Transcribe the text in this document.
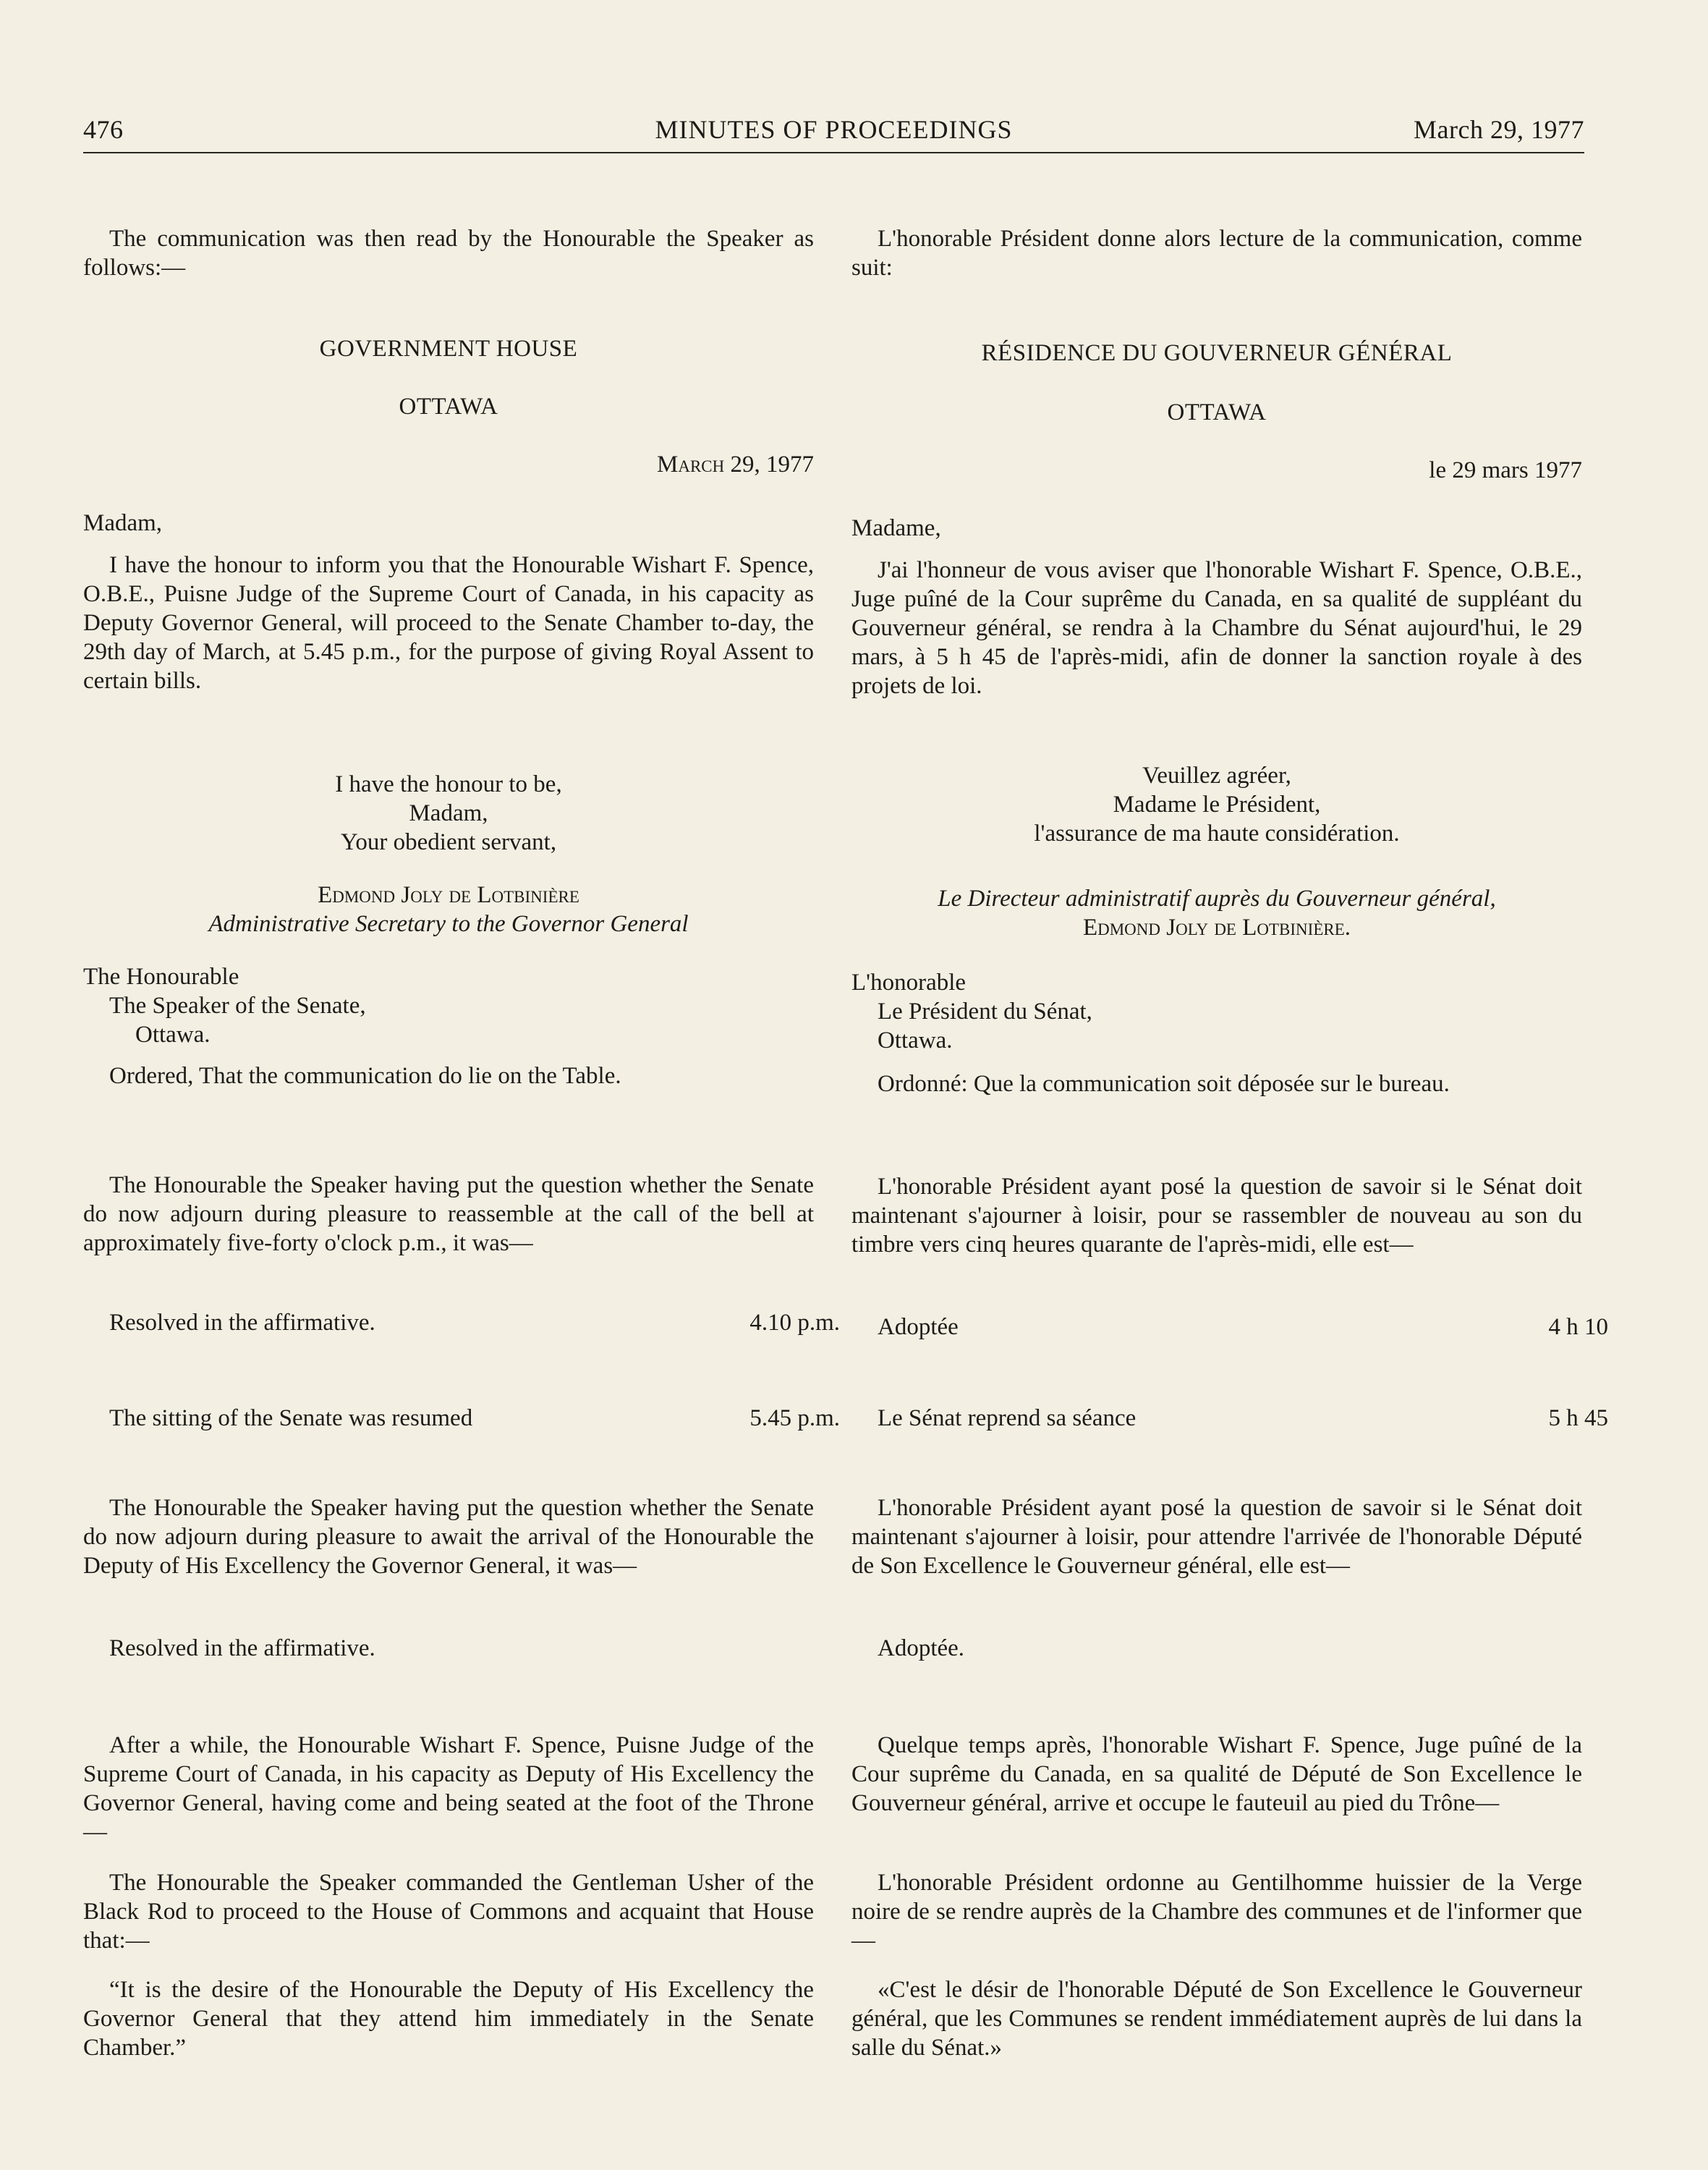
476	MINUTES OF PROCEEDINGS	March 29, 1977
The communication was then read by the Honourable the Speaker as follows:—
GOVERNMENT HOUSE
OTTAWA
March 29, 1977
Madam,
I have the honour to inform you that the Honourable Wishart F. Spence, O.B.E., Puisne Judge of the Supreme Court of Canada, in his capacity as Deputy Governor General, will proceed to the Senate Chamber to-day, the 29th day of March, at 5.45 p.m., for the purpose of giving Royal Assent to certain bills.
I have the honour to be,
Madam,
Your obedient servant,
Edmond Joly de Lotbinière
Administrative Secretary to the Governor General
The Honourable
The Speaker of the Senate,
Ottawa.
Ordered, That the communication do lie on the Table.
The Honourable the Speaker having put the question whether the Senate do now adjourn during pleasure to reassemble at the call of the bell at approximately five-forty o'clock p.m., it was—
Resolved in the affirmative.	4.10 p.m.
The sitting of the Senate was resumed	5.45 p.m.
The Honourable the Speaker having put the question whether the Senate do now adjourn during pleasure to await the arrival of the Honourable the Deputy of His Excellency the Governor General, it was—
Resolved in the affirmative.
After a while, the Honourable Wishart F. Spence, Puisne Judge of the Supreme Court of Canada, in his capacity as Deputy of His Excellency the Governor General, having come and being seated at the foot of the Throne—
The Honourable the Speaker commanded the Gentleman Usher of the Black Rod to proceed to the House of Commons and acquaint that House that:—
“It is the desire of the Honourable the Deputy of His Excellency the Governor General that they attend him immediately in the Senate Chamber.”
L'honorable Président donne alors lecture de la communication, comme suit:
RÉSIDENCE DU GOUVERNEUR GÉNÉRAL
OTTAWA
le 29 mars 1977
Madame,
J'ai l'honneur de vous aviser que l'honorable Wishart F. Spence, O.B.E., Juge puîné de la Cour suprême du Canada, en sa qualité de suppléant du Gouverneur général, se rendra à la Chambre du Sénat aujourd'hui, le 29 mars, à 5 h 45 de l'après-midi, afin de donner la sanction royale à des projets de loi.
Veuillez agréer,
Madame le Président,
l'assurance de ma haute considération.
Le Directeur administratif auprès du Gouverneur général,
Edmond Joly de Lotbinière.
L'honorable
Le Président du Sénat,
Ottawa.
Ordonné: Que la communication soit déposée sur le bureau.
L'honorable Président ayant posé la question de savoir si le Sénat doit maintenant s'ajourner à loisir, pour se rassembler de nouveau au son du timbre vers cinq heures quarante de l'après-midi, elle est—
Adoptée	4 h 10
Le Sénat reprend sa séance	5 h 45
L'honorable Président ayant posé la question de savoir si le Sénat doit maintenant s'ajourner à loisir, pour attendre l'arrivée de l'honorable Député de Son Excellence le Gouverneur général, elle est—
Adoptée.
Quelque temps après, l'honorable Wishart F. Spence, Juge puîné de la Cour suprême du Canada, en sa qualité de Député de Son Excellence le Gouverneur général, arrive et occupe le fauteuil au pied du Trône—
L'honorable Président ordonne au Gentilhomme huissier de la Verge noire de se rendre auprès de la Chambre des communes et de l'informer que—
«C'est le désir de l'honorable Député de Son Excellence le Gouverneur général, que les Communes se rendent immédiatement auprès de lui dans la salle du Sénat.»
